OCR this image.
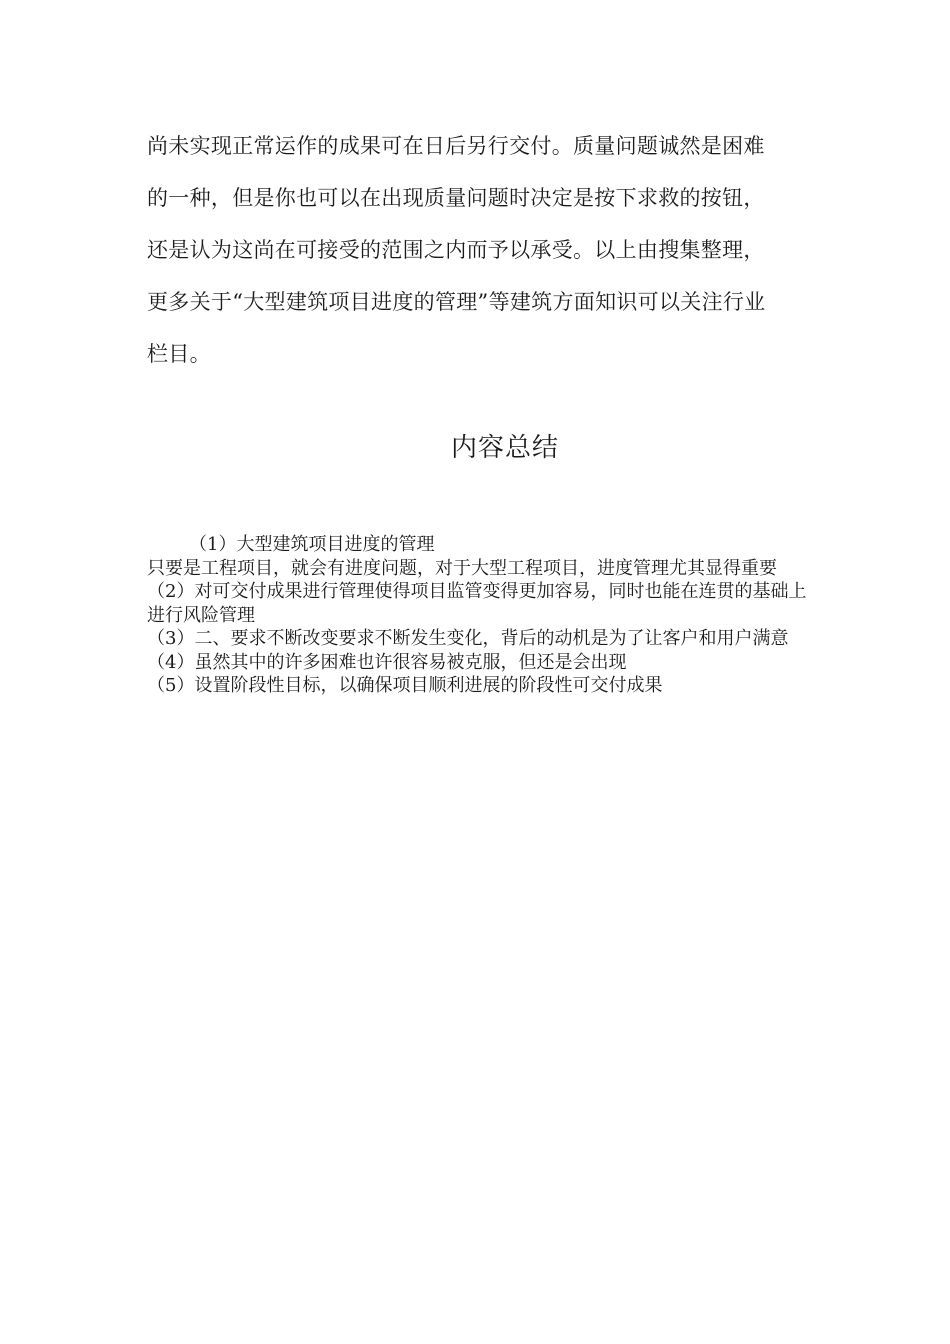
尚未实现正常运作的成果可在日后另行交付。质量问题诚然是困难

的一种，但是你也可以在出现质量问题时决定是按下求救的按钮，

还是认为这尚在可接受的范围之内而予以承受。以上由搜集整理，

更多关于“大型建筑项目进度的管理”等建筑方面知识可以关注行业

栏目。

内容总结

（1）大型建筑项目进度的管理

只要是工程项目，就会有进度问题，对于大型工程项目，进度管理尤其显得重要

（2）对可交付成果进行管理使得项目监管变得更加容易，同时也能在连贯的基础上进行风险管理

（3）二、要求不断改变要求不断发生变化，背后的动机是为了让客户和用户满意

（4）虽然其中的许多困难也许很容易被克服，但还是会出现

（5）设置阶段性目标，以确保项目顺利进展的阶段性可交付成果
